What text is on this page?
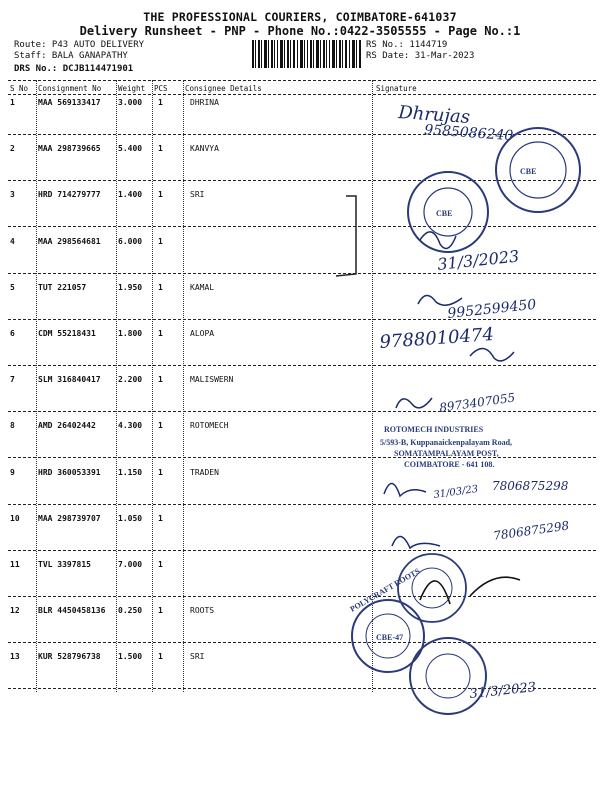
THE PROFESSIONAL COURIERS, COIMBATORE-641037
Delivery Runsheet - PNP - Phone No.:0422-3505555 - Page No.:1
Route: P43 AUTO DELIVERY
Staff: BALA GANAPATHY
DRS No.: DCJB114471901
RS No.: 1144719
RS Date: 31-Mar-2023
S No Consignment No Weight PCS Consignee Details	Signature
1	MAA 569133417 3.000 1	DHRINA
2	MAA 298739665 5.400 1	KANVYA
3	HRD 714279777 1.400 1	SRI
4	MAA 298564681 6.000 1
5	TUT 221057	1.950 1	KAMAL
6	CDM 55218431	1.800 1	ALOPA
7	SLM 316840417 2.200 1	MALISWERN
8	AMD 26402442	4.300 1	ROTOMECH
9	HRD 360053391 1.150 1	TRADEN
10 MAA 298739707 1.050 1
11 TVL 3397815	7.000 1
12 BLR 4450458136 0.250 1	ROOTS
13 KUR 528796738 1.500 1	SRI
Dhrujas
9585086240
CBE
CBE
31/3/2023
9952599450
9788010474
8973407055
ROTOMECH INDUSTRIES
5/593-B, Kuppanaickenpalayam Road,
SOMATAMPALAYAM POST,
COIMBATORE - 641 108.
31/03/23 7806875298
7806875298
POLYCRAFT ROOTS
CBE-47
31/3/2023
